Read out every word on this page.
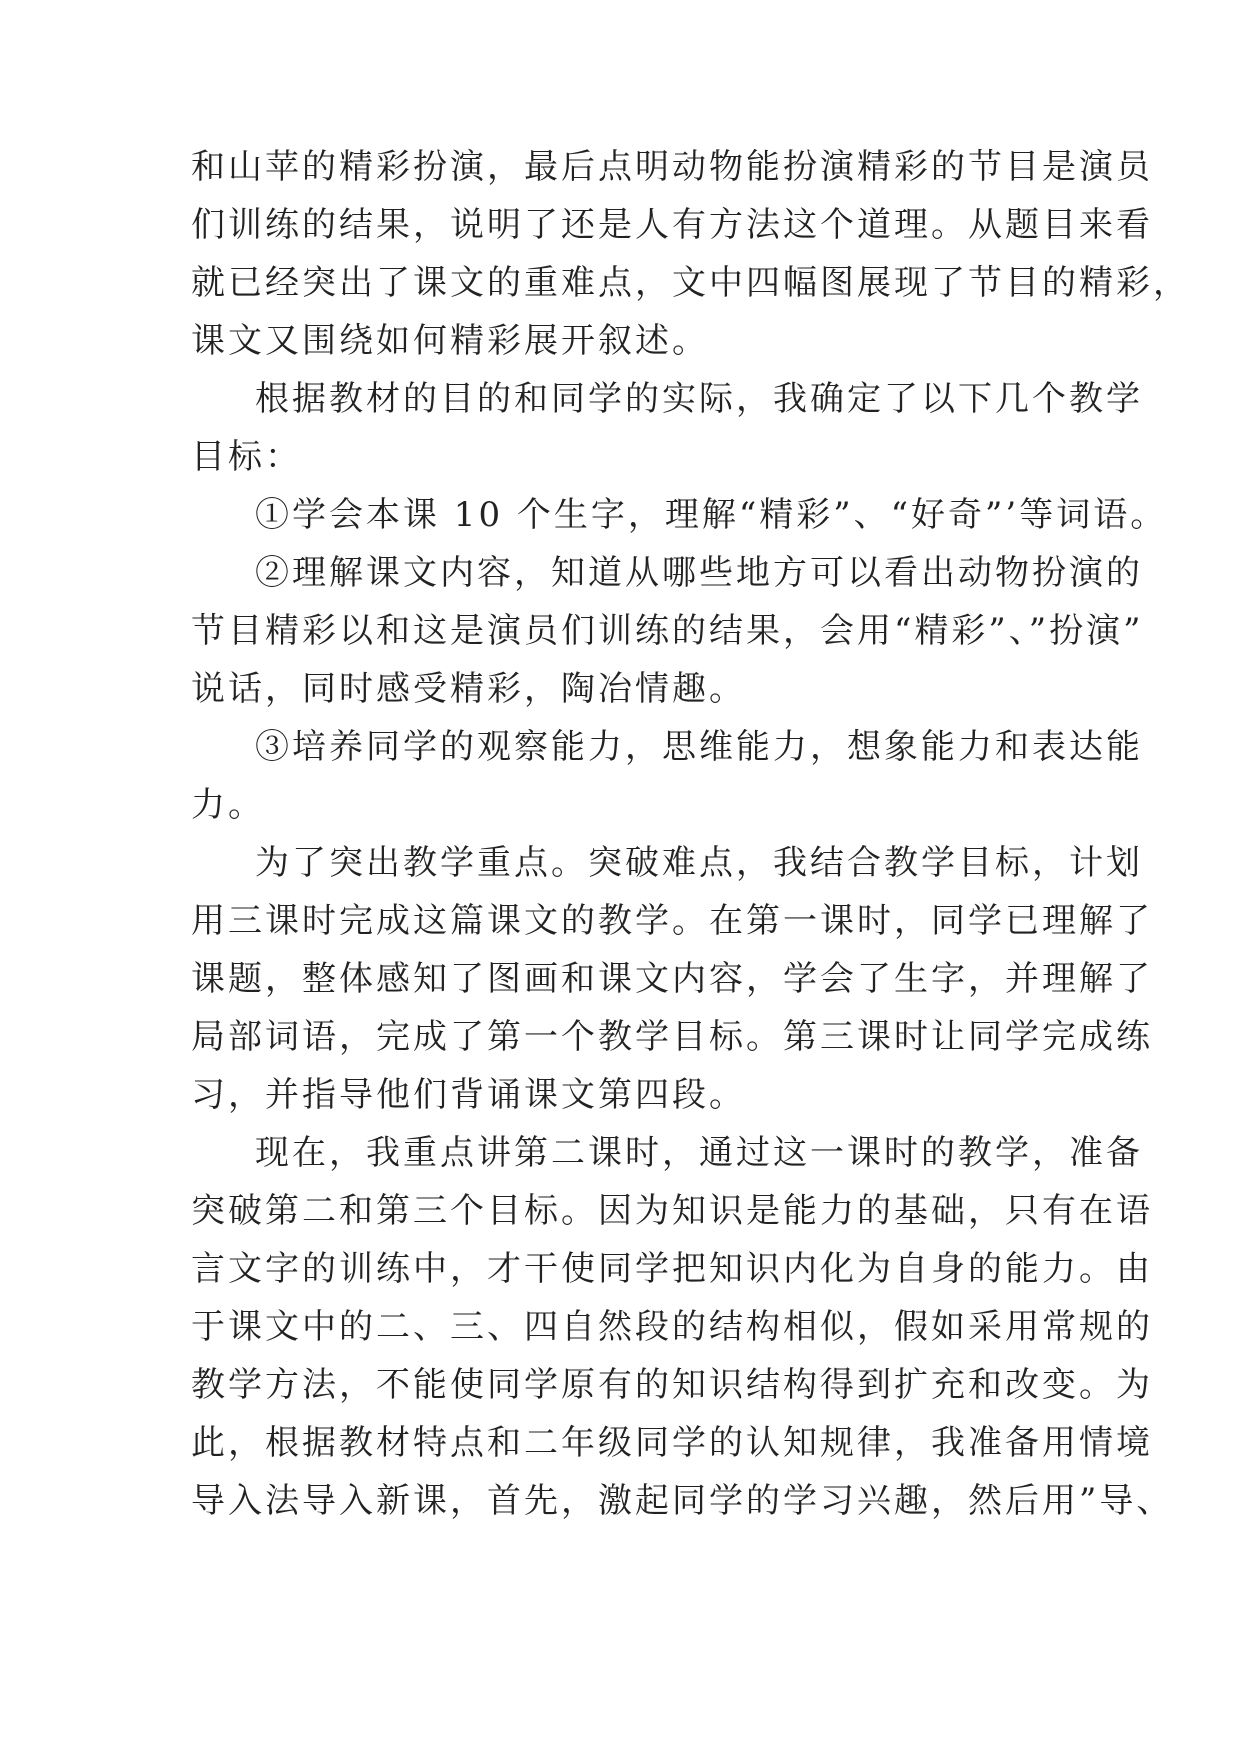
和山苹的精彩扮演，最后点明动物能扮演精彩的节目是演员
们训练的结果，说明了还是人有方法这个道理。从题目来看
就已经突出了课文的重难点，文中四幅图展现了节目的精彩，
课文又围绕如何精彩展开叙述。
根据教材的目的和同学的实际，我确定了以下几个教学
目标：
①学会本课 10 个生字，理解“精彩”、“好奇”’等词语。
②理解课文内容，知道从哪些地方可以看出动物扮演的
节目精彩以和这是演员们训练的结果，会用“精彩”、”扮演”
说话，同时感受精彩，陶冶情趣。
③培养同学的观察能力，思维能力，想象能力和表达能
力。
为了突出教学重点。突破难点，我结合教学目标，计划
用三课时完成这篇课文的教学。在第一课时，同学已理解了
课题，整体感知了图画和课文内容，学会了生字，并理解了
局部词语，完成了第一个教学目标。第三课时让同学完成练
习，并指导他们背诵课文第四段。
现在，我重点讲第二课时，通过这一课时的教学，准备
突破第二和第三个目标。因为知识是能力的基础，只有在语
言文字的训练中，才干使同学把知识内化为自身的能力。由
于课文中的二、三、四自然段的结构相似，假如采用常规的
教学方法，不能使同学原有的知识结构得到扩充和改变。为
此，根据教材特点和二年级同学的认知规律，我准备用情境
导入法导入新课，首先，激起同学的学习兴趣，然后用”导、
